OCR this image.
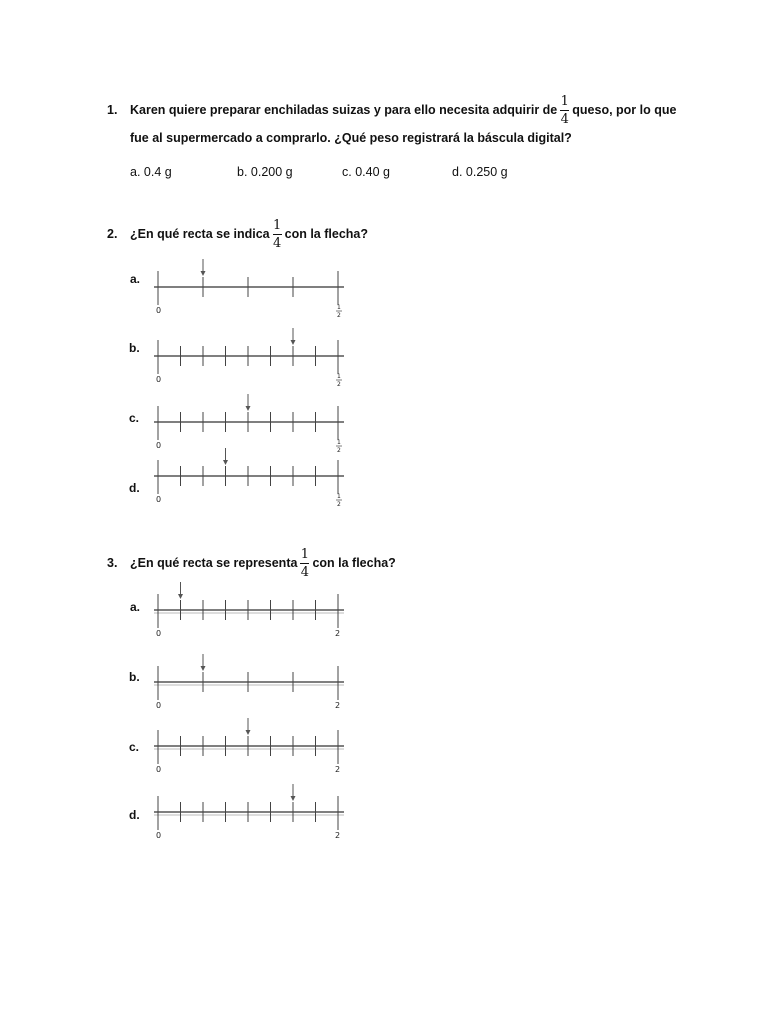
1. Karen quiere preparar enchiladas suizas y para ello necesita adquirir de $\frac{1}{4}$ queso, por lo que
fue al supermercado a comprarlo. ¿Qué peso registrará la báscula digital?
a. 0.4 g	b. 0.200 g	c. 0.40 g	d. 0.250 g
2. ¿En qué recta se indica $\frac{1}{4}$ con la flecha?
a.
0	1
2
b.
0	1
2
c.
0	1
2
d.
0	1
2
3. ¿En qué recta se representa $\frac{1}{4}$ con la flecha?
a.
0	2
b.
0	2
c.
0	2
d.
0	2
